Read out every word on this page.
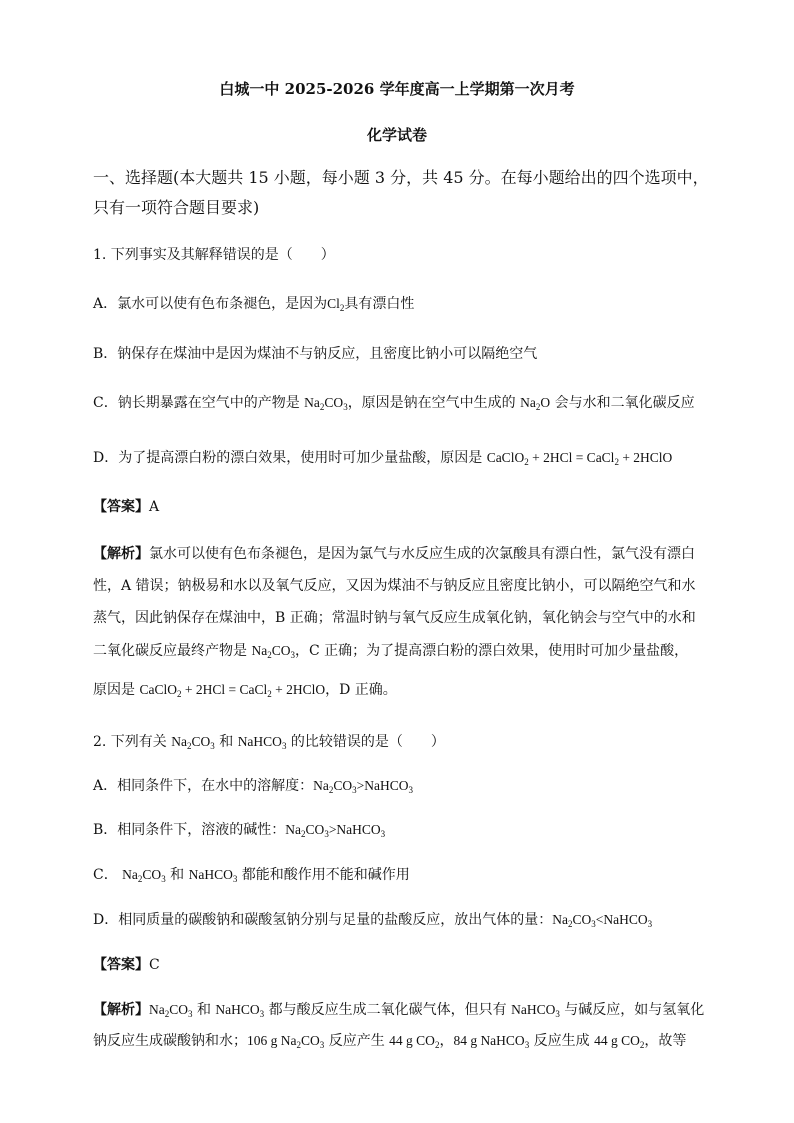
白城一中 2025-2026 学年度高一上学期第一次月考
化学试卷
一、选择题(本大题共 15 小题，每小题 3 分，共 45 分。在每小题给出的四个选项中，
只有一项符合题目要求)
1. 下列事实及其解释错误的是（　　）
A．氯水可以使有色布条褪色，是因为$Cl_2$具有漂白性
B．钠保存在煤油中是因为煤油不与钠反应，且密度比钠小可以隔绝空气
C．钠长期暴露在空气中的产物是 $Na_2CO_3$，原因是钠在空气中生成的 $Na_2O$ 会与水和二氧化碳反应
D．为了提高漂白粉的漂白效果，使用时可加少量盐酸，原因是 CaClO$_2$ + 2HCl = CaCl$_2$ + 2HClO
【答案】A
【解析】氯水可以使有色布条褪色，是因为氯气与水反应生成的次氯酸具有漂白性，氯气没有漂白
性，A 错误；钠极易和水以及氧气反应，又因为煤油不与钠反应且密度比钠小，可以隔绝空气和水
蒸气，因此钠保存在煤油中，B 正确；常温时钠与氧气反应生成氧化钠，氧化钠会与空气中的水和
二氧化碳反应最终产物是 $Na_2CO_3$，C 正确；为了提高漂白粉的漂白效果，使用时可加少量盐酸，
原因是 CaClO$_2$ + 2HCl = CaCl$_2$ + 2HClO，D 正确。
2. 下列有关 $Na_2CO_3$ 和 NaHCO$_3$ 的比较错误的是（　　）
A．相同条件下，在水中的溶解度：$Na_2CO_3>NaHCO_3$
B．相同条件下，溶液的碱性：$Na_2CO_3>NaHCO_3$
C． $Na_2CO_3$ 和 NaHCO$_3$ 都能和酸作用不能和碱作用
D．相同质量的碳酸钠和碳酸氢钠分别与足量的盐酸反应，放出气体的量：$Na_2CO_3<NaHCO_3$
【答案】C
【解析】$Na_2CO_3$ 和 NaHCO$_3$ 都与酸反应生成二氧化碳气体，但只有 NaHCO$_3$ 与碱反应，如与氢氧化
钠反应生成碳酸钠和水；106 g $Na_2CO_3$ 反应产生 44 g $CO_2$，84 g NaHCO$_3$ 反应生成 44 g $CO_2$，故等
